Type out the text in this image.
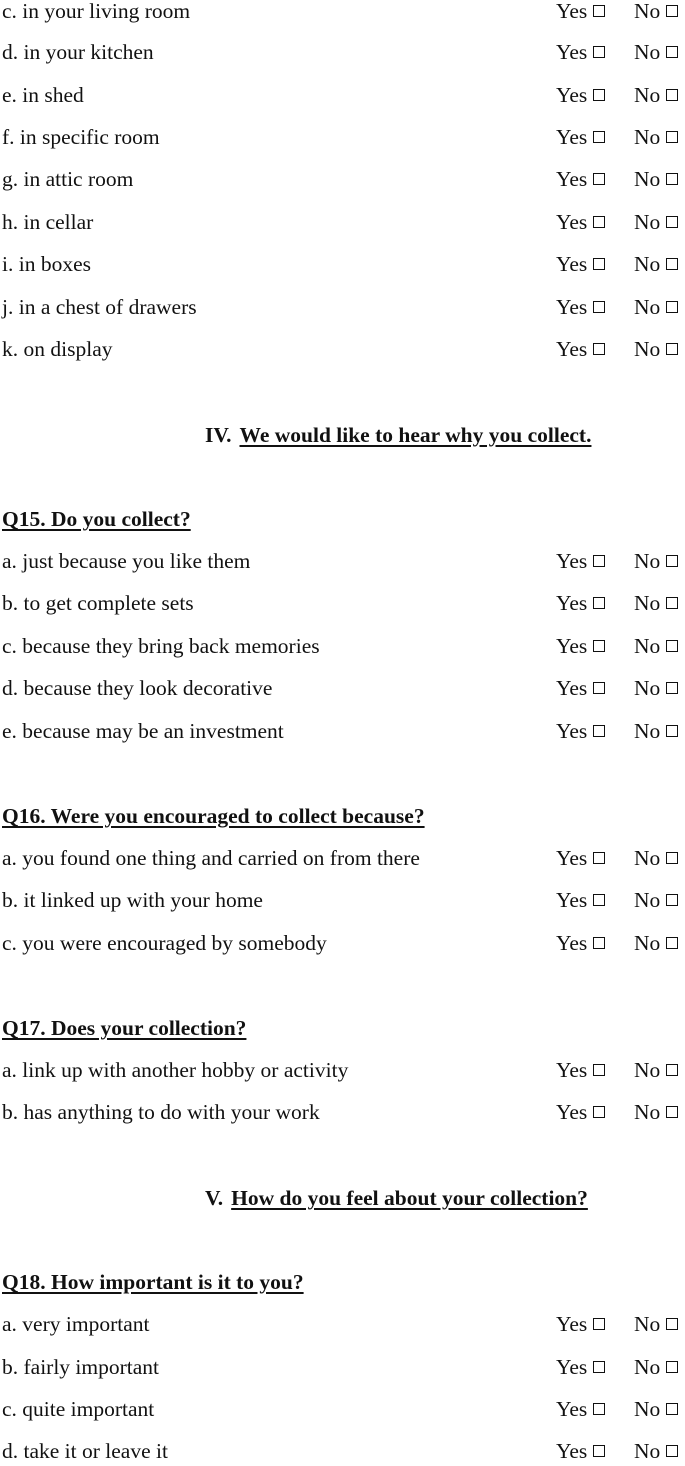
c. in your living room	Yes	No
d. in your kitchen	Yes	No
e. in shed	Yes	No
f. in specific room	Yes	No
g. in attic room	Yes	No
h. in cellar	Yes	No
i. in boxes	Yes	No
j. in a chest of drawers	Yes	No
k. on display	Yes	No
IV. We would like to hear why you collect.
Q15. Do you collect?
a. just because you like them	Yes	No
b. to get complete sets	Yes	No
c. because they bring back memories	Yes	No
d. because they look decorative	Yes	No
e. because may be an investment	Yes	No
Q16. Were you encouraged to collect because?
a. you found one thing and carried on from there	Yes	No
b. it linked up with your home	Yes	No
c. you were encouraged by somebody	Yes	No
Q17. Does your collection?
a. link up with another hobby or activity	Yes	No
b. has anything to do with your work	Yes	No
V. How do you feel about your collection?
Q18. How important is it to you?
a. very important	Yes	No
b. fairly important	Yes	No
c. quite important	Yes	No
d. take it or leave it	Yes	No
